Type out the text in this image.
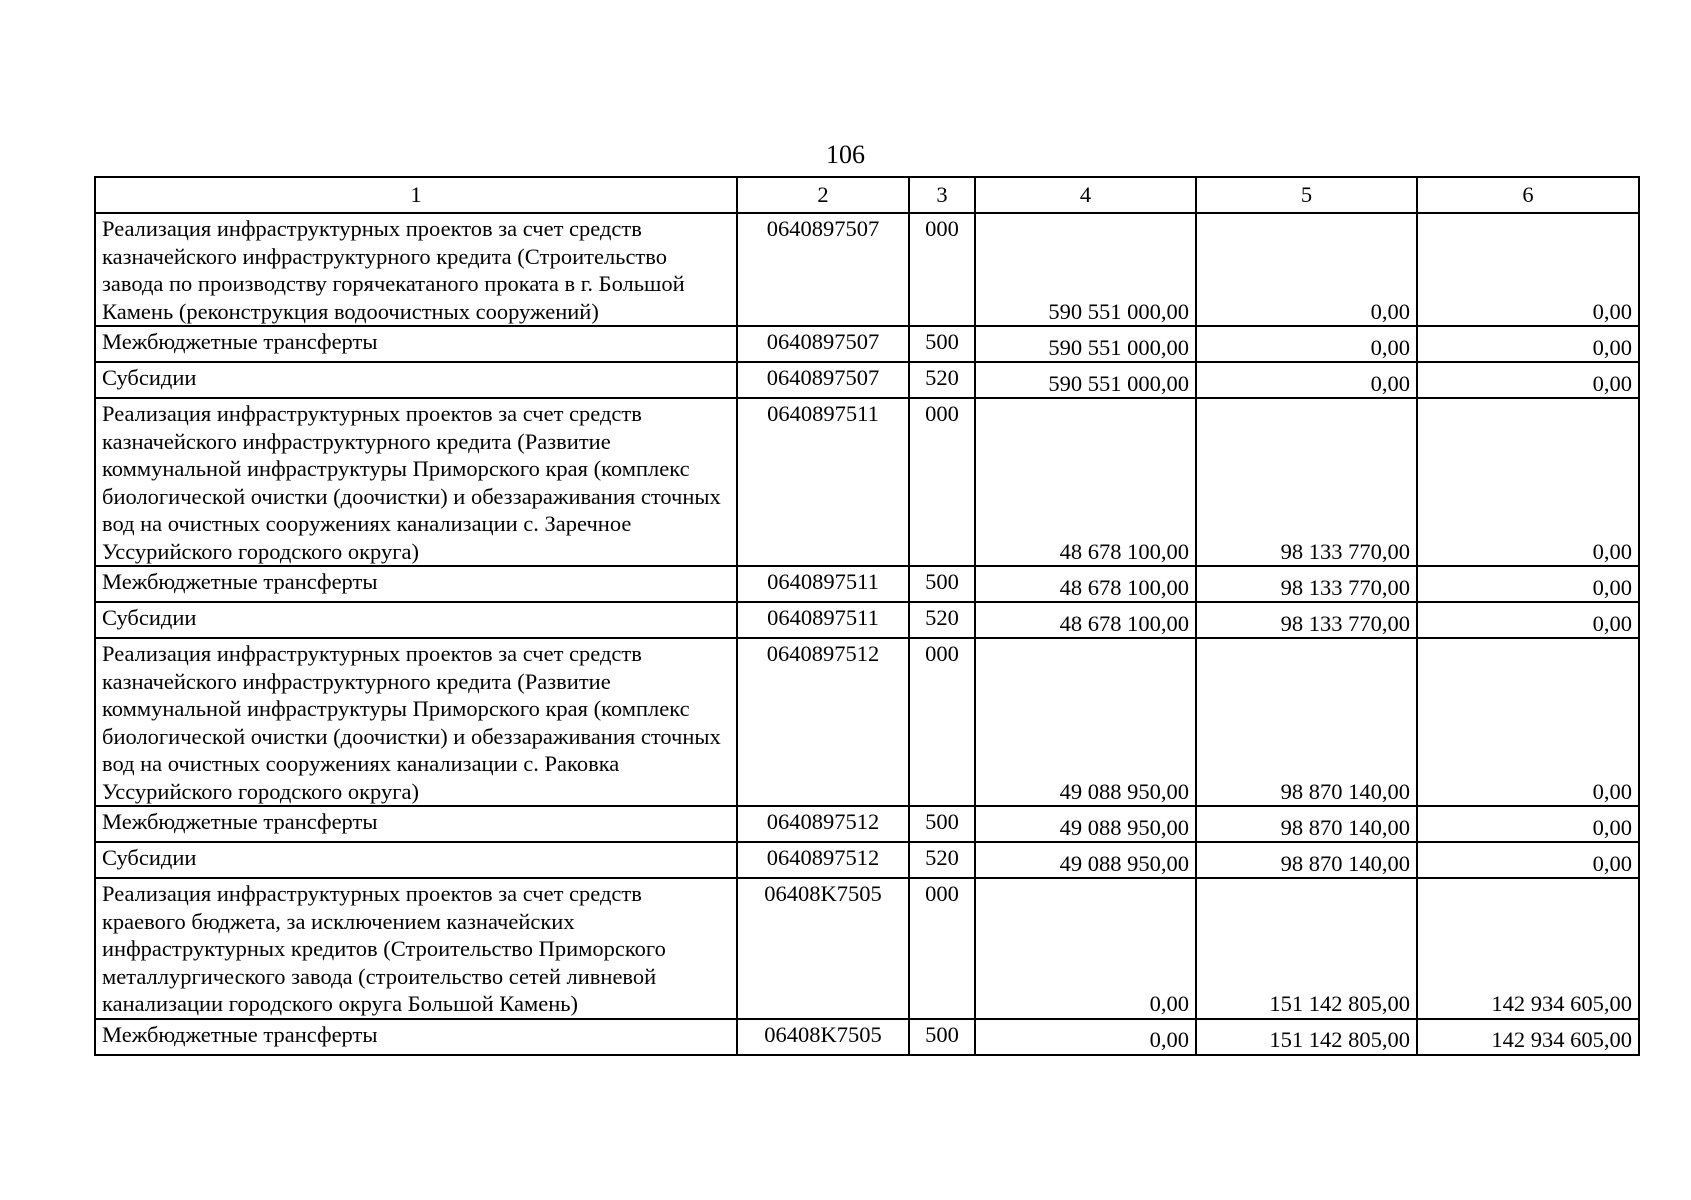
106
1	2	3	4	5	6
Реализация инфраструктурных проектов за счет средств казначейского инфраструктурного кредита (Строительство завода по производству горячекатаного проката в г. Большой Камень (реконструкция водоочистных сооружений)	0640897507	000	590 551 000,00	0,00	0,00
Межбюджетные трансферты	0640897507	500	590 551 000,00	0,00	0,00
Субсидии	0640897507	520	590 551 000,00	0,00	0,00
Реализация инфраструктурных проектов за счет средств казначейского инфраструктурного кредита (Развитие коммунальной инфраструктуры Приморского края (комплекс биологической очистки (доочистки) и обеззараживания сточных вод на очистных сооружениях канализации с. Заречное Уссурийского городского округа)	0640897511	000	48 678 100,00	98 133 770,00	0,00
Межбюджетные трансферты	0640897511	500	48 678 100,00	98 133 770,00	0,00
Субсидии	0640897511	520	48 678 100,00	98 133 770,00	0,00
Реализация инфраструктурных проектов за счет средств казначейского инфраструктурного кредита (Развитие коммунальной инфраструктуры Приморского края (комплекс биологической очистки (доочистки) и обеззараживания сточных вод на очистных сооружениях канализации с. Раковка Уссурийского городского округа)	0640897512	000	49 088 950,00	98 870 140,00	0,00
Межбюджетные трансферты	0640897512	500	49 088 950,00	98 870 140,00	0,00
Субсидии	0640897512	520	49 088 950,00	98 870 140,00	0,00
Реализация инфраструктурных проектов за счет средств краевого бюджета, за исключением казначейских инфраструктурных кредитов (Строительство Приморского металлургического завода (строительство сетей ливневой канализации городского округа Большой Камень)	06408K7505	000	0,00	151 142 805,00	142 934 605,00
Межбюджетные трансферты	06408K7505	500	0,00	151 142 805,00	142 934 605,00
